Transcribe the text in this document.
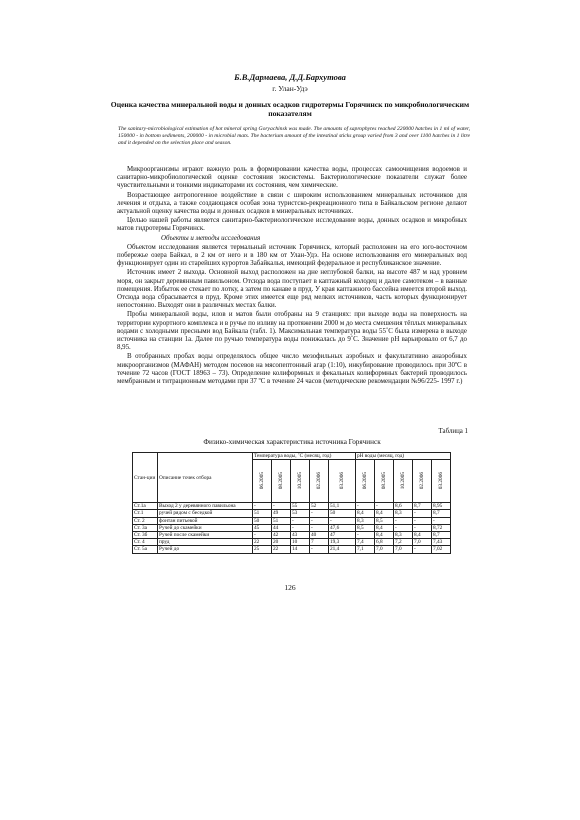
Б.В.Дармаева, Д.Д.Бархутова
г. Улан-Удэ
Оценка качества минеральной воды и донных осадков гидротермы Горячинск по микробиологическим показателям
The sanitary-microbiological estimation of hot mineral spring Goryachinsk was made. The amounts of saprophytes reached 220000 hatches in 1 ml of water, 150000 - in bottom sediments, 200000 - in microbial mats. The bacterium amount of the intestinal sticks group varied from 3 and over 1100 hatches in 1 litre and it depended on the selection place and season.

Микроорганизмы играют важную роль в формировании качества воды, процессах самоочищения водоемов и санитарно-микробиологической оценке состояния экосистемы. Бактериологические показатели служат более чувствительными и тонкими индикаторами их состояния, чем химические.

Возрастающее антропогенное воздействие в связи с широким использованием минеральных источников для лечения и отдыха, а также создающаяся особая зона туристско-рекреационного типа в Байкальском регионе делают актуальной оценку качества воды и донных осадков в минеральных источниках.

Целью нашей работы является санитарно-бактериологическое исследование воды, донных осадков и микробных матов гидротермы Горячинск.

Объекты и методы исследования

Объектом исследования является термальный источник Горячинск, который расположен на его юго-восточном побережье озера Байкал, в 2 км от него и в 180 км от Улан-Удэ. На основе использования его минеральных вод функционирует один из старейших курортов Забайкалья, имеющий федеральное и республиканское значение.

Источник имеет 2 выхода. Основной выход расположен на дне неглубокой балки, на высоте 487 м над уровнем моря, он закрыт деревянным павильоном. Отсюда вода поступает в каптажный колодец и далее самотеком – в ванные помещения. Избыток ее стекает по лотку, а затем по канаве в пруд. У края каптажного бассейна имеется второй выход. Отсюда вода сбрасывается в пруд. Кроме этих имеется еще ряд мелких источников, часть которых функционирует непостоянно. Выходят они в различных местах балки.

Пробы минеральной воды, илов и матов были отобраны на 9 станциях: при выходе воды на поверхность на территории курортного комплекса и в ручье по изливу на протяжении 2000 м до места смешения тёплых минеральных водами с холодными пресными вод Байкала (табл. 1). Максимальная температура воды 55˚С была измерена в выходе источника на станции 1а. Далее по ручью температура воды понижалась до 9˚С. Значение pH варьировало от 6,7 до 8,95.

В отобранных пробах воды определялось общее число мезофильных аэробных и факультативно анаэробных микроорганизмов (МАФАН) методом посевов на мясопептонный агар (1:10), инкубирование проводилось при 30ºС в течение 72 часов (ГОСТ 18963 – 73). Определение колиформных и фекальных колиформных бактерий проводилось мембранным и титрационным методами при 37 ºС в течение 24 часов (методические рекомендации №96/225- 1997 г.)

Таблица 1
Физико-химическая характеристика источника Горячинск
Стан-ции	Описание точек отбора	Температура воды, ˚С (месяц, год)					pH воды (месяц, год)				
		06.2005	08.2005	10.2005	02.2006	03.2006	06.2005	08.2005	10.2005	02.2006	03.2006
Ст.1а	Выход 2 у деревянного павильона	-	-	55	52	51,1	-	-	8,6	8,7	8,95
Ст.1	ручей рядом с беседкой	51	49	53	-	50	8,4	8,4	8,3	-	8,7
Ст. 2	фонтан питьевой	50	51	-	-	-	8,3	8,5	-	-	-
Ст. 3а	Ручей до скамейки	45	44	-	-	47,6	8,5	8,4	-	-	8,72
Ст. 3б	Ручей после скамейки	-	42	43	40	47	-	8,4	8,3	8,4	8,7
Ст. 4	пруд	22	20	10	7	19,3	7,4	6,8	7,2	7,0	7,43
Ст. 5а	Ручей до	25	22	14	-	21,4	7,1	7,0	7,0	-	7,02
126
